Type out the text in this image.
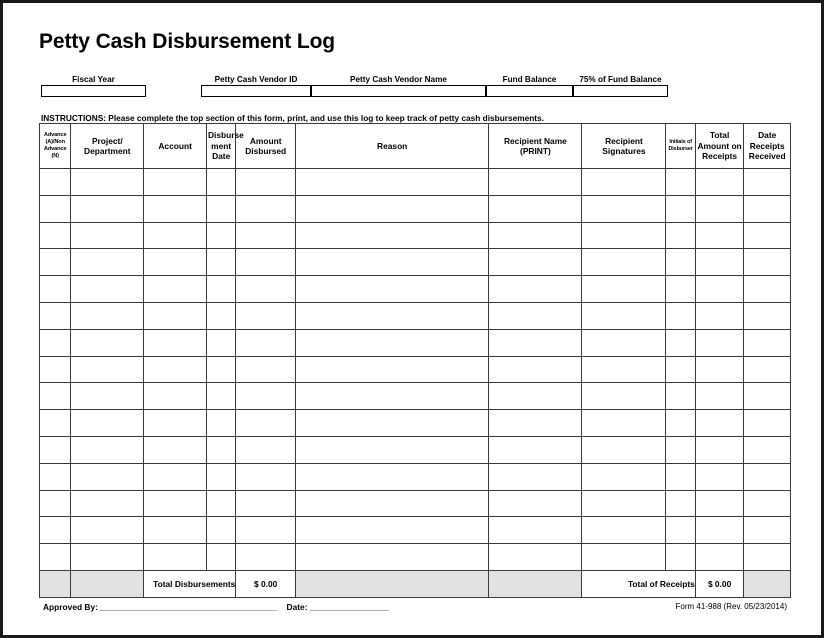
Petty Cash Disbursement Log
Fiscal Year	Petty Cash Vendor ID	Petty Cash Vendor Name	Fund Balance	75% of Fund Balance
INSTRUCTIONS: Please complete the top section of this form, print, and use this log to keep track of petty cash disbursements.
Advance
(A)/Non
Advance
(N)	Project/
Department	Account	Disburse
ment
Date	Amount
Disbursed	Reason	Recipient Name
(PRINT)	Recipient Signatures	Initials of
Disburser	Total
Amount on
Receipts	Date
Receipts
Received

		Total Disbursements		$ 0.00			Total of Receipts		$ 0.00	
Approved By: ______________________________________ Date: _________________	Form 41-988 (Rev. 05/23/2014)
